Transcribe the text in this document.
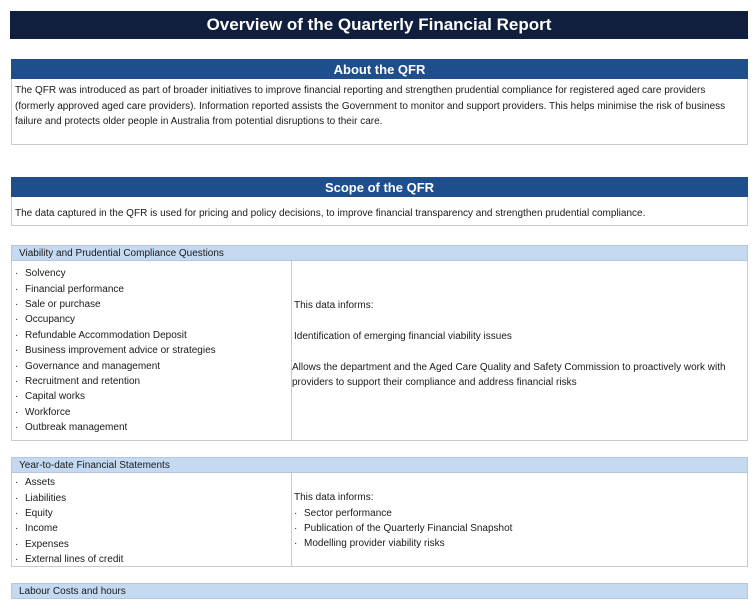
Overview of the Quarterly Financial Report
About the QFR
The QFR was introduced as part of broader initiatives to improve financial reporting and strengthen prudential compliance for registered aged care providers (formerly approved aged care providers). Information reported assists the Government to monitor and support providers. This helps minimise the risk of business failure and protects older people in Australia from potential disruptions to their care.
Scope of the QFR
The data captured in the QFR is used for pricing and policy decisions, to improve financial transparency and strengthen prudential compliance.
Viability and Prudential Compliance Questions
· Solvency
· Financial performance
· Sale or purchase
· Occupancy
· Refundable Accommodation Deposit
· Business improvement advice or strategies
· Governance and management
· Recruitment and retention
· Capital works
· Workforce
· Outbreak management
This data informs:
Identification of emerging financial viability issues
Allows the department and the Aged Care Quality and Safety Commission to proactively work with providers to support their compliance and address financial risks
Year-to-date Financial Statements
· Assets
· Liabilities
· Equity
· Income
· Expenses
· External lines of credit
This data informs:
· Sector performance
· Publication of the Quarterly Financial Snapshot
· Modelling provider viability risks
Labour Costs and hours
